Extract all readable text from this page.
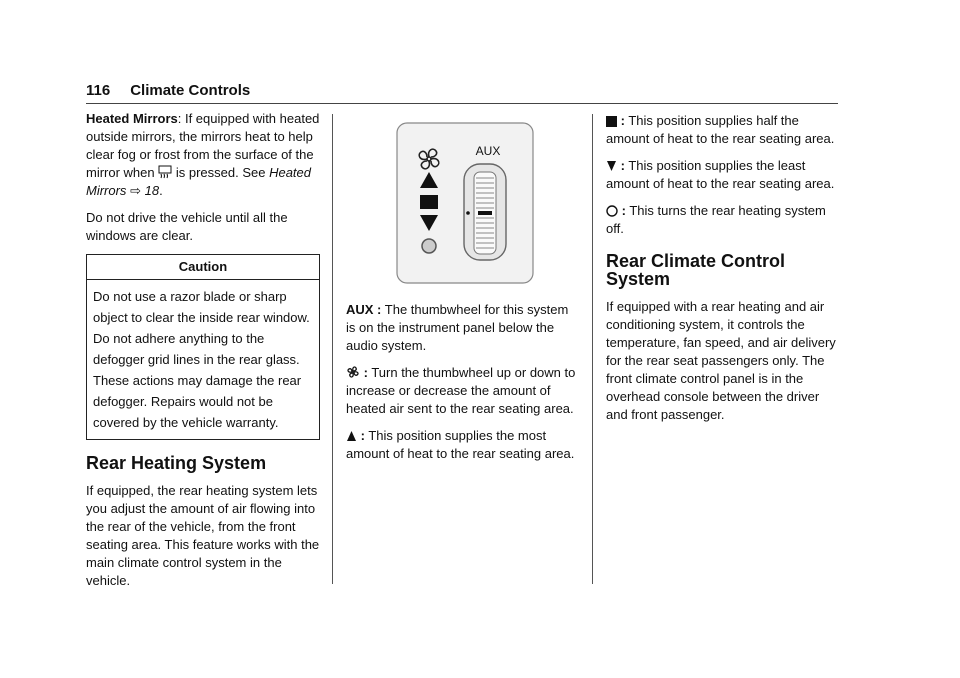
116 Climate Controls

Heated Mirrors: If equipped with heated outside mirrors, the mirrors heat to help clear fog or frost from the surface of the mirror when  is pressed. See Heated Mirrors ⇨ 18.

Do not drive the vehicle until all the windows are clear.

Caution
Do not use a razor blade or sharp object to clear the inside rear window. Do not adhere anything to the defogger grid lines in the rear glass. These actions may damage the rear defogger. Repairs would not be covered by the vehicle warranty.
Rear Heating System

If equipped, the rear heating system lets you adjust the amount of air flowing into the rear of the vehicle, from the front seating area. This feature works with the main climate control system in the vehicle.

AUX

AUX : The thumbwheel for this system is on the instrument panel below the audio system.

: Turn the thumbwheel up or down to increase or decrease the amount of heated air sent to the rear seating area.

: This position supplies the most amount of heat to the rear seating area.

: This position supplies half the amount of heat to the rear seating area.

: This position supplies the least amount of heat to the rear seating area.

: This turns the rear heating system off.

Rear Climate Control System

If equipped with a rear heating and air conditioning system, it controls the temperature, fan speed, and air delivery for the rear seat passengers only. The front climate control panel is in the overhead console between the driver and front passenger.
